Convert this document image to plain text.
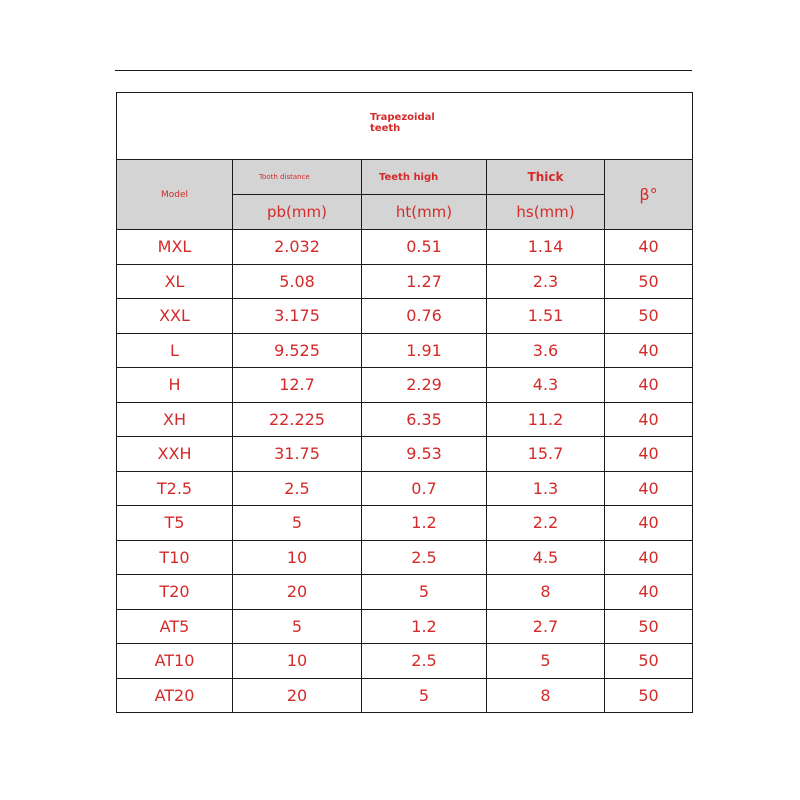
Trapezoidal teeth				

Model	Tooth distance	Teeth high	Thick	β°
	pb(mm)	ht(mm)	hs(mm)	
MXL	2.032	0.51	1.14	40
XL	5.08	1.27	2.3	50
XXL	3.175	0.76	1.51	50
L	9.525	1.91	3.6	40
H	12.7	2.29	4.3	40
XH	22.225	6.35	11.2	40
XXH	31.75	9.53	15.7	40
T2.5	2.5	0.7	1.3	40
T5	5	1.2	2.2	40
T10	10	2.5	4.5	40
T20	20	5	8	40
AT5	5	1.2	2.7	50
AT10	10	2.5	5	50
AT20	20	5	8	50
